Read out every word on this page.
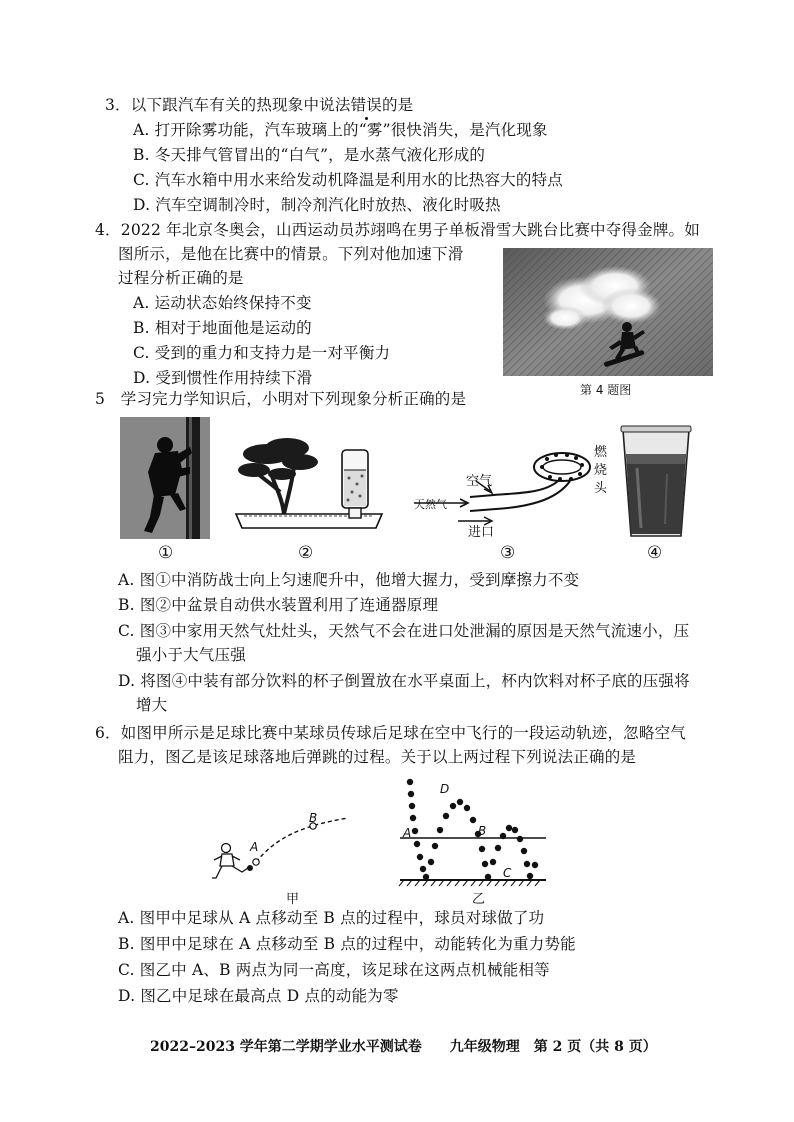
3．以下跟汽车有关的热现象中说法错误的是
A. 打开除雾功能，汽车玻璃上的“雾”很快消失，是汽化现象
B. 冬天排气管冒出的“白气”，是水蒸气液化形成的
C. 汽车水箱中用水来给发动机降温是利用水的比热容大的特点
D. 汽车空调制冷时，制冷剂汽化时放热、液化时吸热
4．2022 年北京冬奥会，山西运动员苏翊鸣在男子单板滑雪大跳台比赛中夺得金牌。如
图所示，是他在比赛中的情景。下列对他加速下滑
过程分析正确的是
A. 运动状态始终保持不变
B. 相对于地面他是运动的
C. 受到的重力和支持力是一对平衡力
D. 受到惯性作用持续下滑
第 4 题图
5　学习完力学知识后，小明对下列现象分析正确的是
①	②
空气
天然气
进口
燃
烧
头
③	④
A. 图①中消防战士向上匀速爬升中，他增大握力，受到摩擦力不变
B. 图②中盆景自动供水装置利用了连通器原理
C. 图③中家用天然气灶灶头，天然气不会在进口处泄漏的原因是天然气流速小，压
强小于大气压强
D. 将图④中装有部分饮料的杯子倒置放在水平桌面上，杯内饮料对杯子底的压强将
增大
6．如图甲所示是足球比赛中某球员传球后足球在空中飞行的一段运动轨迹，忽略空气
阻力，图乙是该足球落地后弹跳的过程。关于以上两过程下列说法正确的是
A
B
甲
A	B
C
D
乙
A. 图甲中足球从 A 点移动至 B 点的过程中，球员对球做了功
B. 图甲中足球在 A 点移动至 B 点的过程中，动能转化为重力势能
C. 图乙中 A、B 两点为同一高度，该足球在这两点机械能相等
D. 图乙中足球在最高点 D 点的动能为零
2022–2023 学年第二学期学业水平测试卷　　九年级物理　第 2 页（共 8 页）
